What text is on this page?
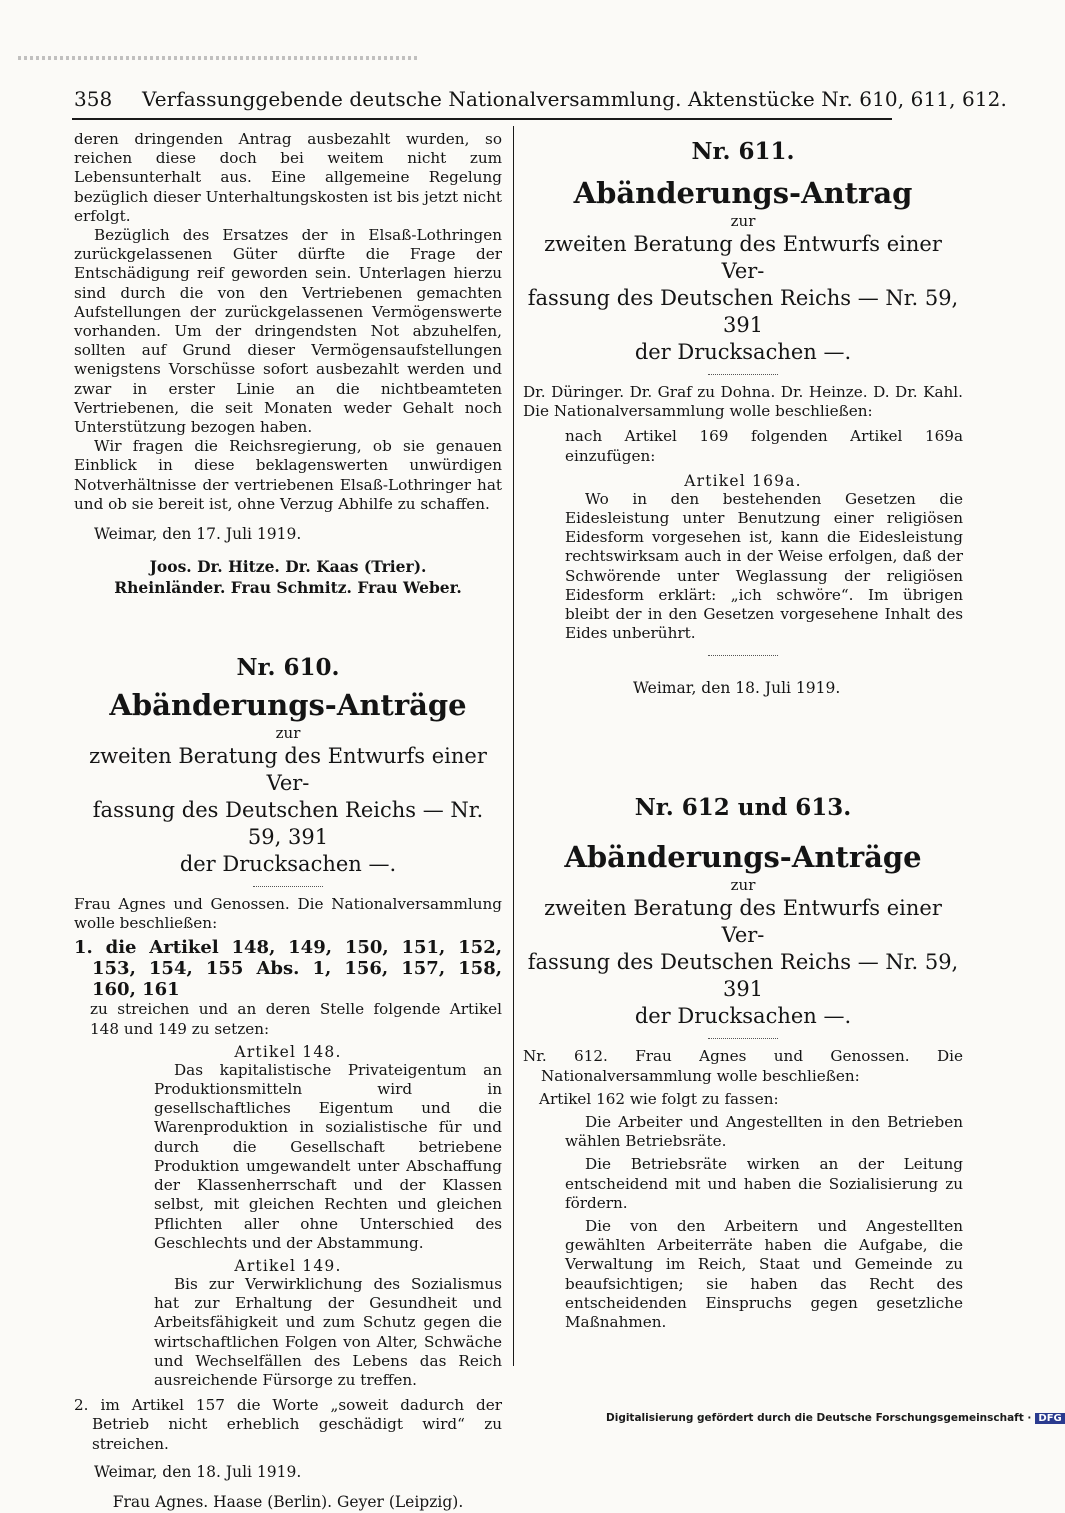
358 Verfassunggebende deutsche Nationalversammlung. Aktenstücke Nr. 610, 611, 612.

deren dringenden Antrag ausbezahlt wurden, so reichen diese doch bei weitem nicht zum Lebensunterhalt aus. Eine allgemeine Regelung bezüglich dieser Unterhaltungskosten ist bis jetzt nicht erfolgt.

Bezüglich des Ersatzes der in Elsaß-Lothringen zurückgelassenen Güter dürfte die Frage der Entschädigung reif geworden sein. Unterlagen hierzu sind durch die von den Vertriebenen gemachten Aufstellungen der zurückgelassenen Vermögenswerte vorhanden. Um der dringendsten Not abzuhelfen, sollten auf Grund dieser Vermögensaufstellungen wenigstens Vorschüsse sofort ausbezahlt werden und zwar in erster Linie an die nichtbeamteten Vertriebenen, die seit Monaten weder Gehalt noch Unterstützung bezogen haben.

Wir fragen die Reichsregierung, ob sie genauen Einblick in diese beklagenswerten unwürdigen Notverhältnisse der vertriebenen Elsaß-Lothringer hat und ob sie bereit ist, ohne Verzug Abhilfe zu schaffen.

Weimar, den 17. Juli 1919.

Joos. Dr. Hitze. Dr. Kaas (Trier).

Rheinländer. Frau Schmitz. Frau Weber.

Nr. 610.

Abänderungs-Anträge

zur

zweiten Beratung des Entwurfs einer Ver-

fassung des Deutschen Reichs — Nr. 59, 391

der Drucksachen —.

Frau Agnes und Genossen. Die Nationalversammlung wolle beschließen:

1. die Artikel 148, 149, 150, 151, 152, 153, 154, 155 Abs. 1, 156, 157, 158, 160, 161

zu streichen und an deren Stelle folgende Artikel 148 und 149 zu setzen:

Artikel 148.

Das kapitalistische Privateigentum an Produktionsmitteln wird in gesellschaftliches Eigentum und die Warenproduktion in sozialistische für und durch die Gesellschaft betriebene Produktion umgewandelt unter Abschaffung der Klassenherrschaft und der Klassen selbst, mit gleichen Rechten und gleichen Pflichten aller ohne Unterschied des Geschlechts und der Abstammung.

Artikel 149.

Bis zur Verwirklichung des Sozialismus hat zur Erhaltung der Gesundheit und Arbeitsfähigkeit und zum Schutz gegen die wirtschaftlichen Folgen von Alter, Schwäche und Wechselfällen des Lebens das Reich ausreichende Fürsorge zu treffen.

2. im Artikel 157 die Worte „soweit dadurch der Betrieb nicht erheblich geschädigt wird“ zu streichen.

Weimar, den 18. Juli 1919.

Frau Agnes. Haase (Berlin). Geyer (Leipzig).

Nr. 611.

Abänderungs-Antrag

zur

zweiten Beratung des Entwurfs einer Ver-

fassung des Deutschen Reichs — Nr. 59, 391

der Drucksachen —.

Dr. Düringer. Dr. Graf zu Dohna. Dr. Heinze. D. Dr. Kahl. Die Nationalversammlung wolle beschließen:

nach Artikel 169 folgenden Artikel 169a einzufügen:

Artikel 169a.

Wo in den bestehenden Gesetzen die Eidesleistung unter Benutzung einer religiösen Eidesform vorgesehen ist, kann die Eidesleistung rechtswirksam auch in der Weise erfolgen, daß der Schwörende unter Weglassung der religiösen Eidesform erklärt: „ich schwöre“. Im übrigen bleibt der in den Gesetzen vorgesehene Inhalt des Eides unberührt.

Weimar, den 18. Juli 1919.

Nr. 612 und 613.

Abänderungs-Anträge

zur

zweiten Beratung des Entwurfs einer Ver-

fassung des Deutschen Reichs — Nr. 59, 391

der Drucksachen —.

Nr. 612. Frau Agnes und Genossen. Die Nationalversammlung wolle beschließen:

Artikel 162 wie folgt zu fassen:

Die Arbeiter und Angestellten in den Betrieben wählen Betriebsräte.

Die Betriebsräte wirken an der Leitung entscheidend mit und haben die Sozialisierung zu fördern.

Die von den Arbeitern und Angestellten gewählten Arbeiterräte haben die Aufgabe, die Verwaltung im Reich, Staat und Gemeinde zu beaufsichtigen; sie haben das Recht des entscheidenden Einspruchs gegen gesetzliche Maßnahmen.

Digitalisierung gefördert durch die Deutsche Forschungsgemeinschaft · DFG
